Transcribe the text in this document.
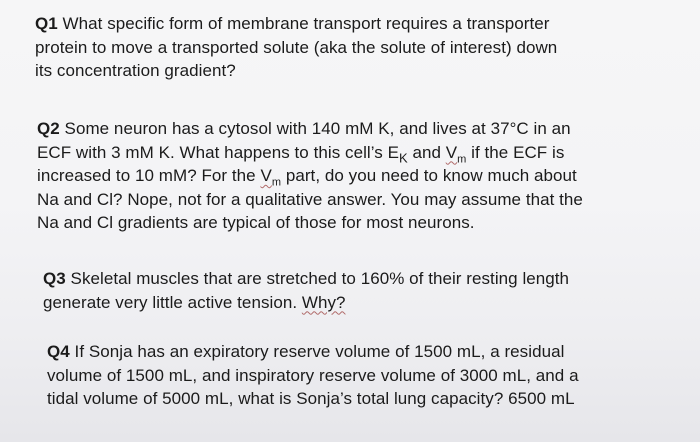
Q1 What specific form of membrane transport requires a transporter
protein to move a transported solute (aka the solute of interest) down
its concentration gradient?

Q2 Some neuron has a cytosol with 140 mM K, and lives at 37°C in an
ECF with 3 mM K. What happens to this cell’s $E_K$ and $V_m$ if the ECF is
increased to 10 mM? For the $V_m$ part, do you need to know much about
Na and Cl? Nope, not for a qualitative answer. You may assume that the
Na and Cl gradients are typical of those for most neurons.

Q3 Skeletal muscles that are stretched to 160% of their resting length
generate very little active tension. Why?

Q4 If Sonja has an expiratory reserve volume of 1500 mL, a residual
volume of 1500 mL, and inspiratory reserve volume of 3000 mL, and a
tidal volume of 5000 mL, what is Sonja’s total lung capacity? 6500 mL
